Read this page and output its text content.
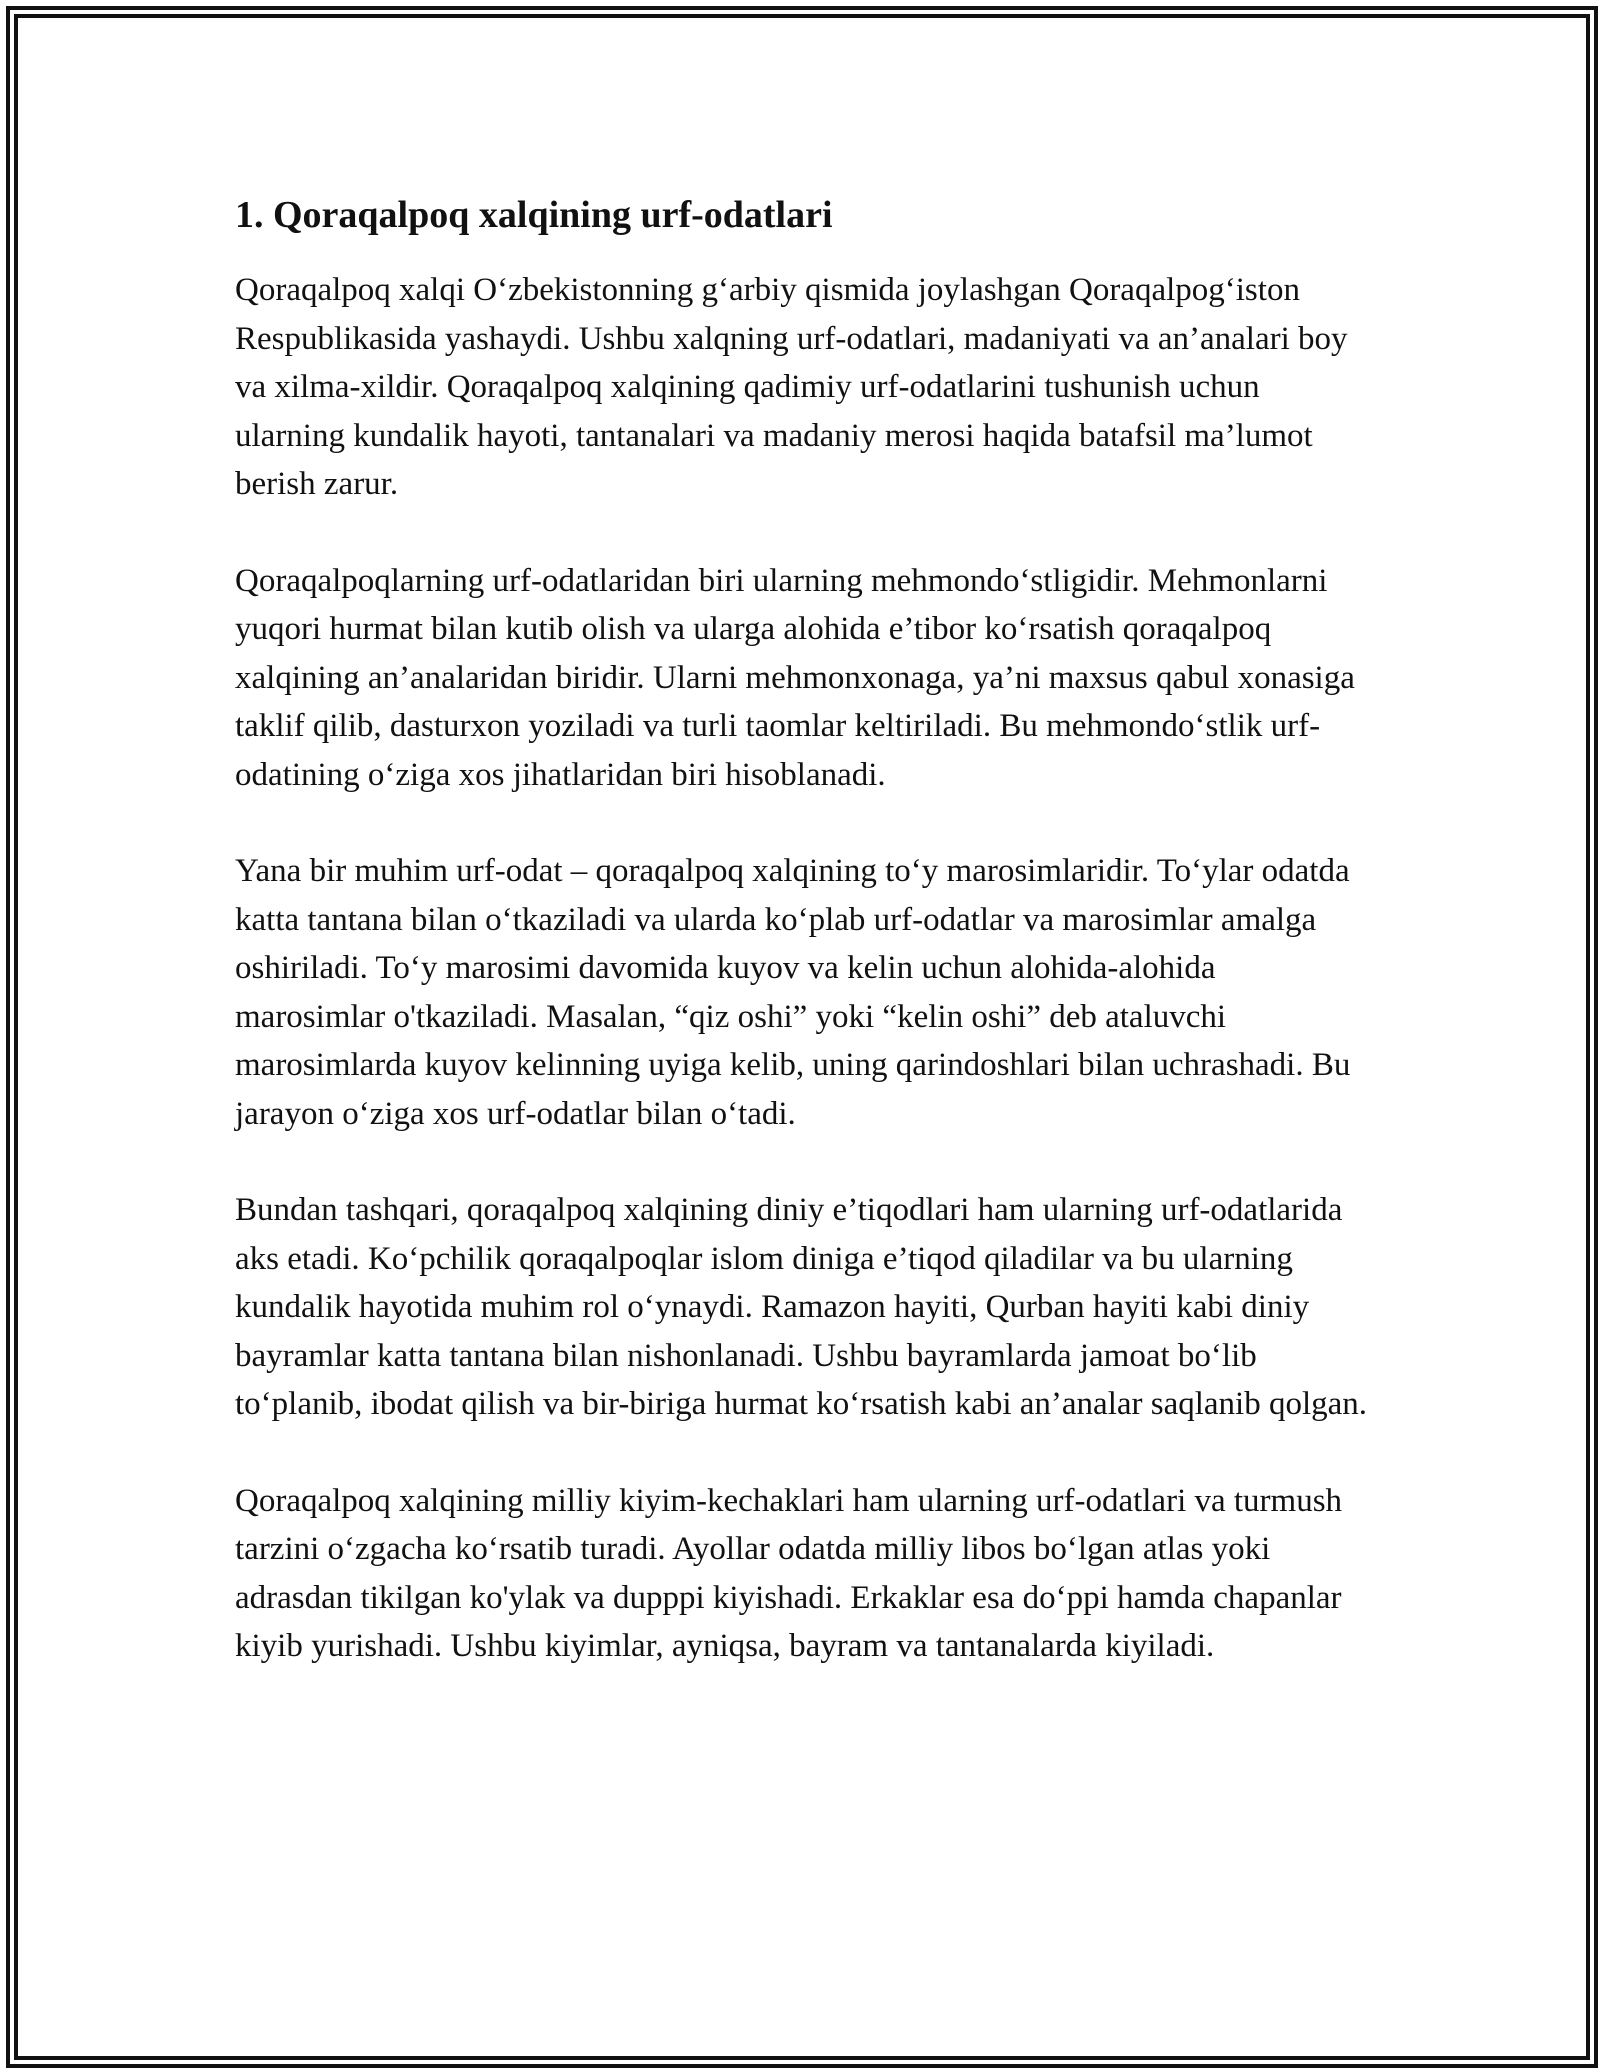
1. Qoraqalpoq xalqining urf-odatlari

Qoraqalpoq xalqi O‘zbekistonning g‘arbiy qismida joylashgan Qoraqalpog‘iston Respublikasida yashaydi. Ushbu xalqning urf-odatlari, madaniyati va an’analari boy va xilma-xildir. Qoraqalpoq xalqining qadimiy urf-odatlarini tushunish uchun ularning kundalik hayoti, tantanalari va madaniy merosi haqida batafsil ma’lumot berish zarur.

Qoraqalpoqlarning urf-odatlaridan biri ularning mehmondo‘stligidir. Mehmonlarni yuqori hurmat bilan kutib olish va ularga alohida e’tibor ko‘rsatish qoraqalpoq xalqining an’analaridan biridir. Ularni mehmonxonaga, ya’ni maxsus qabul xonasiga taklif qilib, dasturxon yoziladi va turli taomlar keltiriladi. Bu mehmondo‘stlik urf-odatining o‘ziga xos jihatlaridan biri hisoblanadi.

Yana bir muhim urf-odat – qoraqalpoq xalqining to‘y marosimlaridir. To‘ylar odatda katta tantana bilan o‘tkaziladi va ularda ko‘plab urf-odatlar va marosimlar amalga oshiriladi. To‘y marosimi davomida kuyov va kelin uchun alohida-alohida marosimlar o'tkaziladi. Masalan, “qiz oshi” yoki “kelin oshi” deb ataluvchi marosimlarda kuyov kelinning uyiga kelib, uning qarindoshlari bilan uchrashadi. Bu jarayon o‘ziga xos urf-odatlar bilan o‘tadi.

Bundan tashqari, qoraqalpoq xalqining diniy e’tiqodlari ham ularning urf-odatlarida aks etadi. Ko‘pchilik qoraqalpoqlar islom diniga e’tiqod qiladilar va bu ularning kundalik hayotida muhim rol o‘ynaydi. Ramazon hayiti, Qurban hayiti kabi diniy bayramlar katta tantana bilan nishonlanadi. Ushbu bayramlarda jamoat bo‘lib to‘planib, ibodat qilish va bir-biriga hurmat ko‘rsatish kabi an’analar saqlanib qolgan.

Qoraqalpoq xalqining milliy kiyim-kechaklari ham ularning urf-odatlari va turmush tarzini o‘zgacha ko‘rsatib turadi. Ayollar odatda milliy libos bo‘lgan atlas yoki adrasdan tikilgan ko'ylak va dupppi kiyishadi. Erkaklar esa do‘ppi hamda chapanlar kiyib yurishadi. Ushbu kiyimlar, ayniqsa, bayram va tantanalarda kiyiladi.
